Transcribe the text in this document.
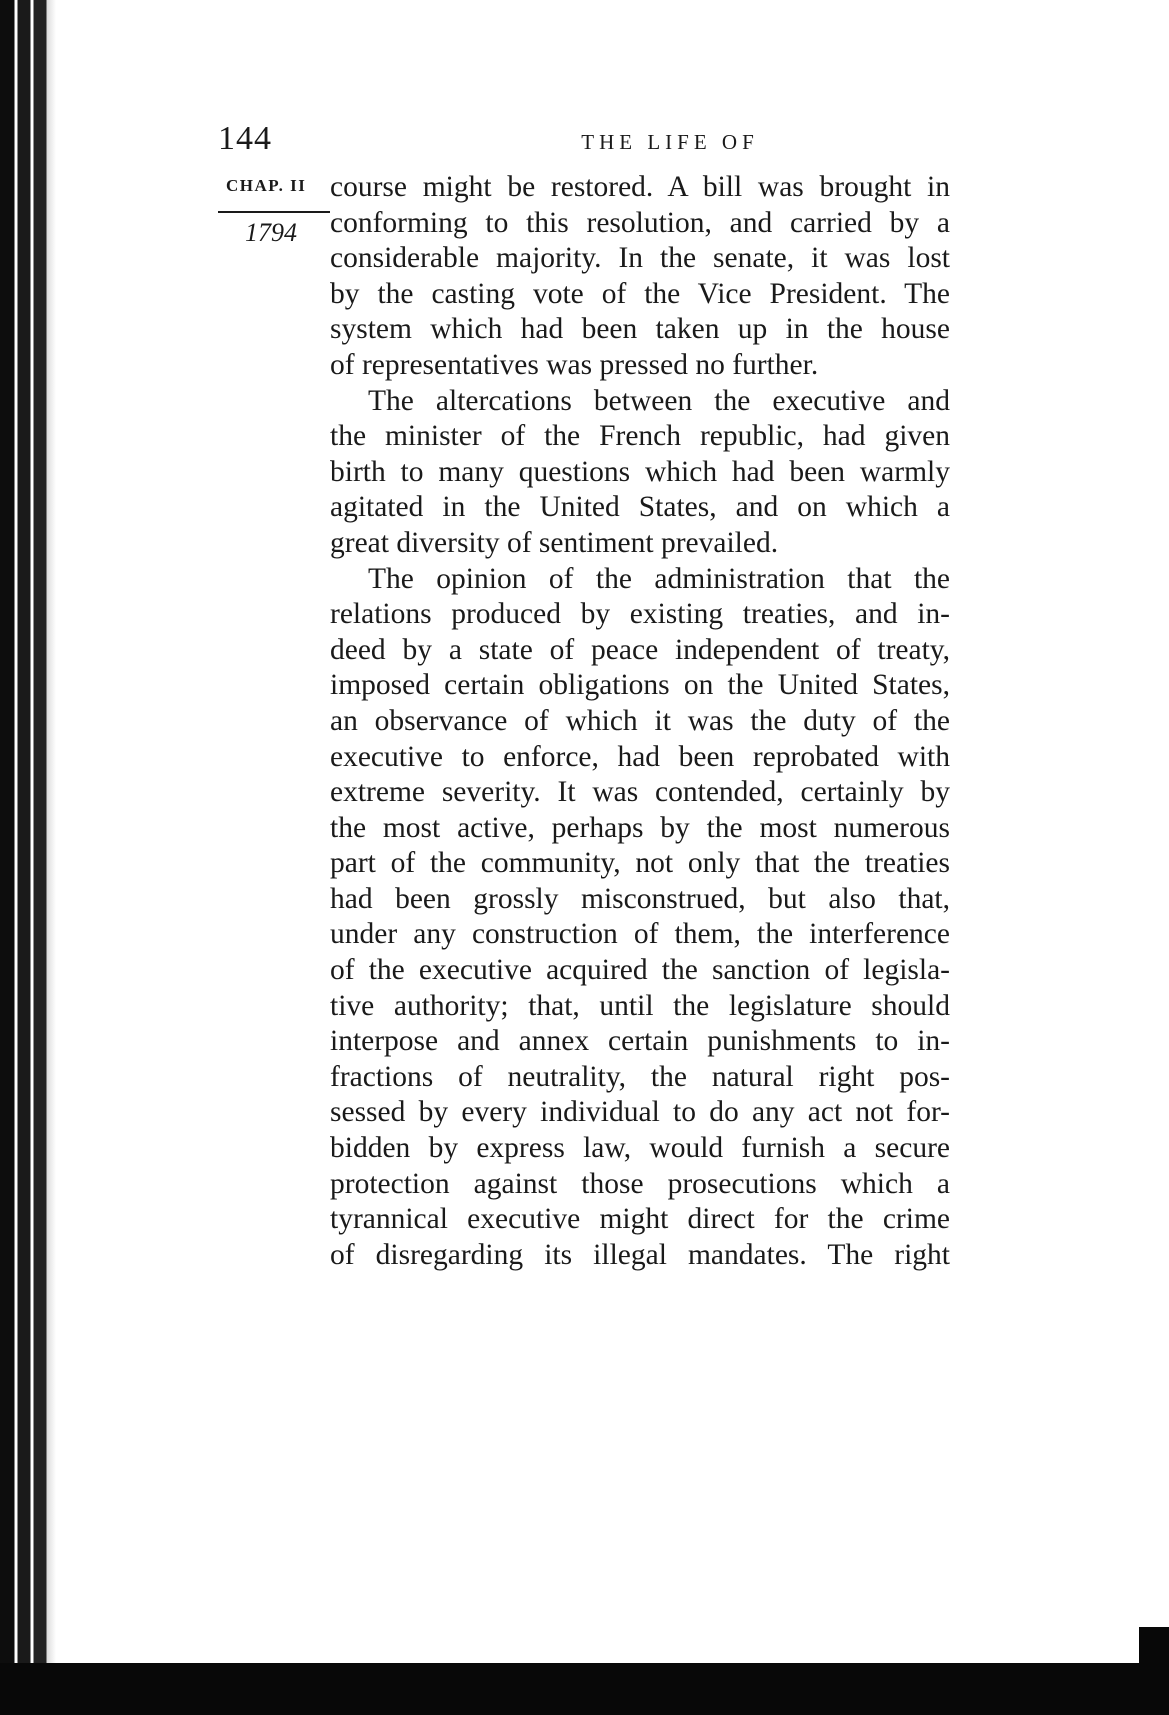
144	THE LIFE OF
CHAP. II
1794
course might be restored. A bill was brought in
conforming to this resolution, and carried by a
considerable majority. In the senate, it was lost
by the casting vote of the Vice President. The
system which had been taken up in the house
of representatives was pressed no further.
The altercations between the executive and
the minister of the French republic, had given
birth to many questions which had been warmly
agitated in the United States, and on which a
great diversity of sentiment prevailed.
The opinion of the administration that the
relations produced by existing treaties, and in-
deed by a state of peace independent of treaty,
imposed certain obligations on the United States,
an observance of which it was the duty of the
executive to enforce, had been reprobated with
extreme severity. It was contended, certainly by
the most active, perhaps by the most numerous
part of the community, not only that the treaties
had been grossly misconstrued, but also that,
under any construction of them, the interference
of the executive acquired the sanction of legisla-
tive authority; that, until the legislature should
interpose and annex certain punishments to in-
fractions of neutrality, the natural right pos-
sessed by every individual to do any act not for-
bidden by express law, would furnish a secure
protection against those prosecutions which a
tyrannical executive might direct for the crime
of disregarding its illegal mandates. The right
